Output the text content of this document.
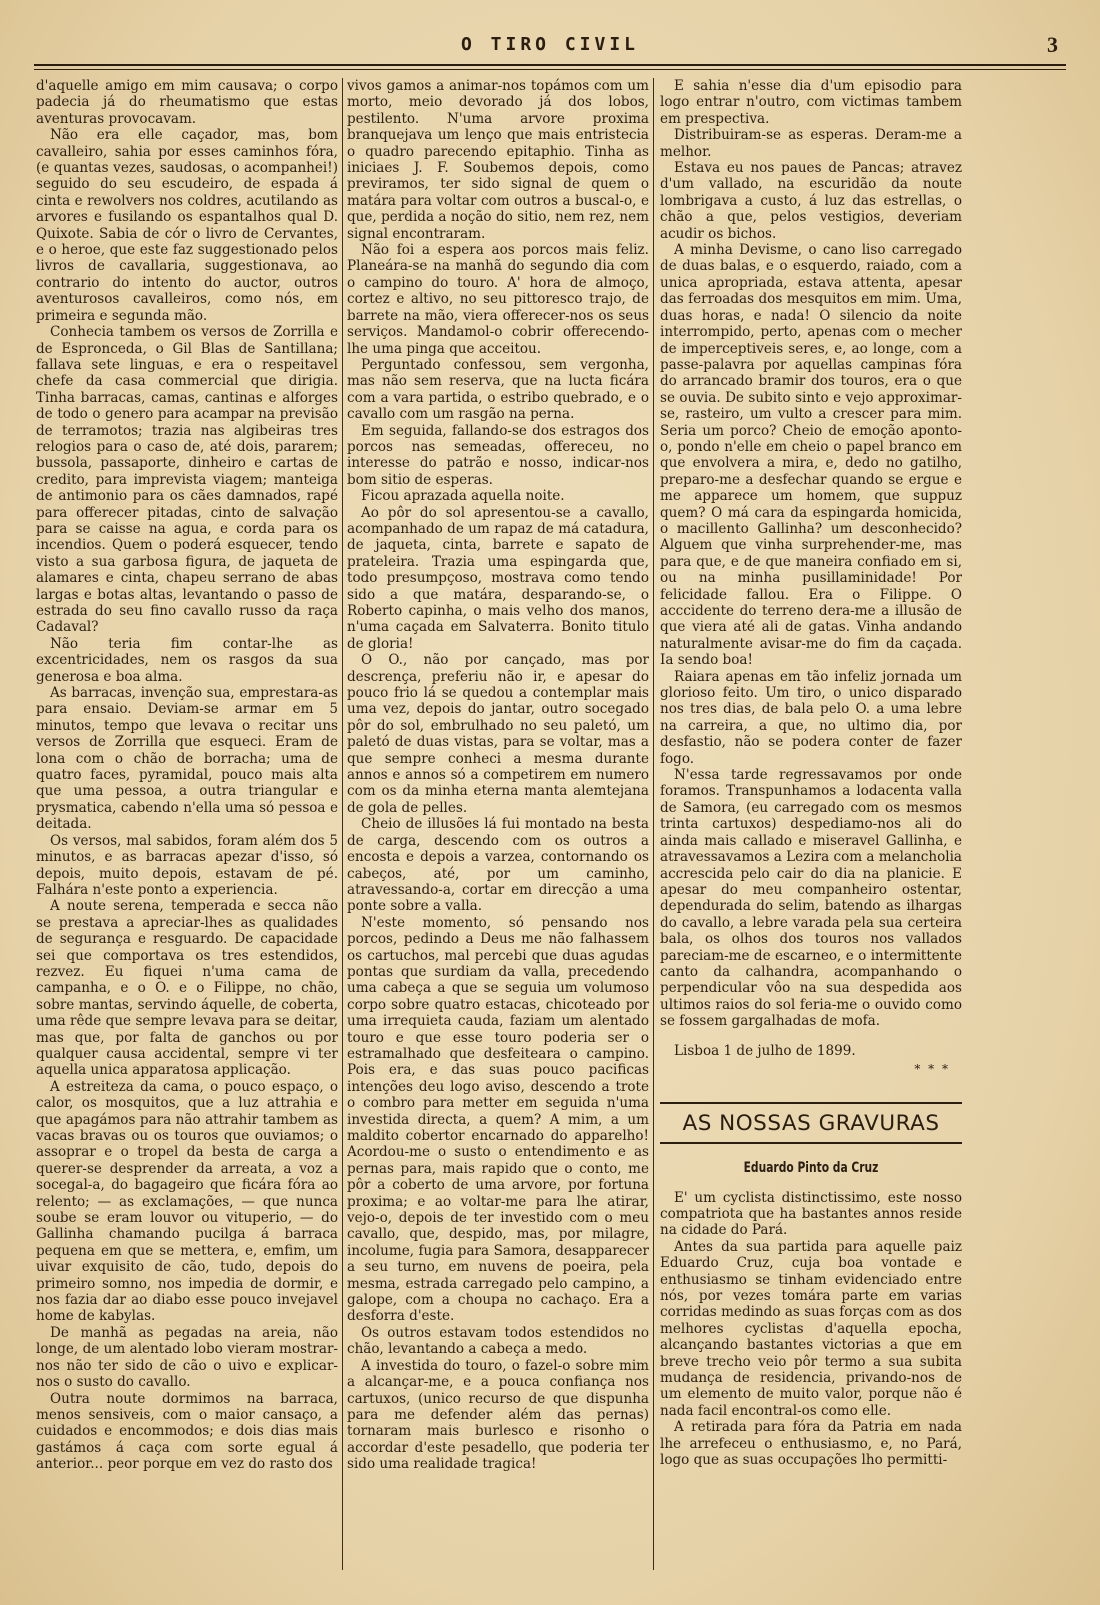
O TIRO CIVIL	3

d'aquelle amigo em mim causava; o corpo padecia já do rheumatismo que estas aventuras provocavam.

Não era elle caçador, mas, bom cavalleiro, sahia por esses caminhos fóra, (e quantas vezes, saudosas, o acompanhei!) seguido do seu escudeiro, de espada á cinta e rewolvers nos coldres, acutilando as arvores e fusilando os espantalhos qual D. Quixote. Sabia de cór o livro de Cervantes, e o heroe, que este faz suggestionado pelos livros de cavallaria, suggestionava, ao contrario do intento do auctor, outros aventurosos cavalleiros, como nós, em primeira e segunda mão.

Conhecia tambem os versos de Zorrilla e de Espronceda, o Gil Blas de Santillana; fallava sete linguas, e era o respeitavel chefe da casa commercial que dirigia. Tinha barracas, camas, cantinas e alforges de todo o genero para acampar na previsão de terramotos; trazia nas algibeiras tres relogios para o caso de, até dois, pararem; bussola, passaporte, dinheiro e cartas de credito, para imprevista viagem; manteiga de antimonio para os cães damnados, rapé para offerecer pitadas, cinto de salvação para se caisse na agua, e corda para os incendios. Quem o poderá esquecer, tendo visto a sua garbosa figura, de jaqueta de alamares e cinta, chapeu serrano de abas largas e botas altas, levantando o passo de estrada do seu fino cavallo russo da raça Cadaval?

Não teria fim contar-lhe as excentricidades, nem os rasgos da sua generosa e boa alma.

As barracas, invenção sua, emprestara-as para ensaio. Deviam-se armar em 5 minutos, tempo que levava o recitar uns versos de Zorrilla que esqueci. Eram de lona com o chão de borracha; uma de quatro faces, pyramidal, pouco mais alta que uma pessoa, a outra triangular e prysmatica, cabendo n'ella uma só pessoa e deitada.

Os versos, mal sabidos, foram além dos 5 minutos, e as barracas apezar d'isso, só depois, muito depois, estavam de pé. Falhára n'este ponto a experiencia.

A noute serena, temperada e secca não se prestava a apreciar-lhes as qualidades de segurança e resguardo. De capacidade sei que comportava os tres estendidos, rezvez. Eu fiquei n'uma cama de campanha, e o O. e o Filippe, no chão, sobre mantas, servindo áquelle, de coberta, uma rêde que sempre levava para se deitar, mas que, por falta de ganchos ou por qualquer causa accidental, sempre vi ter aquella unica apparatosa applicação.

A estreiteza da cama, o pouco espaço, o calor, os mosquitos, que a luz attrahia e que apagámos para não attrahir tambem as vacas bravas ou os touros que ouviamos; o assoprar e o tropel da besta de carga a querer-se desprender da arreata, a voz a socegal-a, do bagageiro que ficára fóra ao relento; — as exclamações, — que nunca soube se eram louvor ou vituperio, — do Gallinha chamando pucilga á barraca pequena em que se mettera, e, emfim, um uivar exquisito de cão, tudo, depois do primeiro somno, nos impedia de dormir, e nos fazia dar ao diabo esse pouco invejavel home de kabylas.

De manhã as pegadas na areia, não longe, de um alentado lobo vieram mostrar-nos não ter sido de cão o uivo e explicar-nos o susto do cavallo.

Outra noute dormimos na barraca, menos sensiveis, com o maior cansaço, a cuidados e encommodos; e dois dias mais gastámos á caça com sorte egual á anterior... peor porque em vez do rasto dos

vivos gamos a animar-nos topámos com um morto, meio devorado já dos lobos, pestilento. N'uma arvore proxima branquejava um lenço que mais entristecia o quadro parecendo epitaphio. Tinha as iniciaes J. F. Soubemos depois, como previramos, ter sido signal de quem o matára para voltar com outros a buscal-o, e que, perdida a noção do sitio, nem rez, nem signal encontraram.

Não foi a espera aos porcos mais feliz. Planeára-se na manhã do segundo dia com o campino do touro. A' hora de almoço, cortez e altivo, no seu pittoresco trajo, de barrete na mão, viera offerecer-nos os seus serviços. Mandamol-o cobrir offerecendo-lhe uma pinga que acceitou.

Perguntado confessou, sem vergonha, mas não sem reserva, que na lucta ficára com a vara partida, o estribo quebrado, e o cavallo com um rasgão na perna.

Em seguida, fallando-se dos estragos dos porcos nas semeadas, offereceu, no interesse do patrão e nosso, indicar-nos bom sitio de esperas.

Ficou aprazada aquella noite.

Ao pôr do sol apresentou-se a cavallo, acompanhado de um rapaz de má catadura, de jaqueta, cinta, barrete e sapato de prateleira. Trazia uma espingarda que, todo presumpçoso, mostrava como tendo sido a que matára, desparando-se, o Roberto capinha, o mais velho dos manos, n'uma caçada em Salvaterra. Bonito titulo de gloria!

O O., não por cançado, mas por descrença, preferiu não ir, e apesar do pouco frio lá se quedou a contemplar mais uma vez, depois do jantar, outro socegado pôr do sol, embrulhado no seu paletó, um paletó de duas vistas, para se voltar, mas a que sempre conheci a mesma durante annos e annos só a competirem em numero com os da minha eterna manta alemtejana de gola de pelles.

Cheio de illusões lá fui montado na besta de carga, descendo com os outros a encosta e depois a varzea, contornando os cabeços, até, por um caminho, atravessando-a, cortar em direcção a uma ponte sobre a valla.

N'este momento, só pensando nos porcos, pedindo a Deus me não falhassem os cartuchos, mal percebi que duas agudas pontas que surdiam da valla, precedendo uma cabeça a que se seguia um volumoso corpo sobre quatro estacas, chicoteado por uma irrequieta cauda, faziam um alentado touro e que esse touro poderia ser o estramalhado que desfeiteara o campino. Pois era, e das suas pouco pacificas intenções deu logo aviso, descendo a trote o combro para metter em seguida n'uma investida directa, a quem? A mim, a um maldito cobertor encarnado do apparelho! Acordou-me o susto o entendimento e as pernas para, mais rapido que o conto, me pôr a coberto de uma arvore, por fortuna proxima; e ao voltar-me para lhe atirar, vejo-o, depois de ter investido com o meu cavallo, que, despido, mas, por milagre, incolume, fugia para Samora, desapparecer a seu turno, em nuvens de poeira, pela mesma, estrada carregado pelo campino, a galope, com a choupa no cachaço. Era a desforra d'este.

Os outros estavam todos estendidos no chão, levantando a cabeça a medo.

A investida do touro, o fazel-o sobre mim a alcançar-me, e a pouca confiança nos cartuxos, (unico recurso de que dispunha para me defender além das pernas) tornaram mais burlesco e risonho o accordar d'este pesadello, que poderia ter sido uma realidade tragica!

E sahia n'esse dia d'um episodio para logo entrar n'outro, com victimas tambem em prespectiva.

Distribuiram-se as esperas. Deram-me a melhor.

Estava eu nos paues de Pancas; atravez d'um vallado, na escuridão da noute lombrigava a custo, á luz das estrellas, o chão a que, pelos vestigios, deveriam acudir os bichos.

A minha Devisme, o cano liso carregado de duas balas, e o esquerdo, raiado, com a unica apropriada, estava attenta, apesar das ferroadas dos mesquitos em mim. Uma, duas horas, e nada! O silencio da noite interrompido, perto, apenas com o mecher de imperceptiveis seres, e, ao longe, com a passe-palavra por aquellas campinas fóra do arrancado bramir dos touros, era o que se ouvia. De subito sinto e vejo approximar-se, rasteiro, um vulto a crescer para mim. Seria um porco? Cheio de emoção aponto-o, pondo n'elle em cheio o papel branco em que envolvera a mira, e, dedo no gatilho, preparo-me a desfechar quando se ergue e me apparece um homem, que suppuz quem? O má cara da espingarda homicida, o macillento Gallinha? um desconhecido? Alguem que vinha surprehender-me, mas para que, e de que maneira confiado em si, ou na minha pusillaminidade! Por felicidade fallou. Era o Filippe. O acccidente do terreno dera-me a illusão de que viera até ali de gatas. Vinha andando naturalmente avisar-me do fim da caçada. Ia sendo boa!

Raiara apenas em tão infeliz jornada um glorioso feito. Um tiro, o unico disparado nos tres dias, de bala pelo O. a uma lebre na carreira, a que, no ultimo dia, por desfastio, não se podera conter de fazer fogo.

N'essa tarde regressavamos por onde foramos. Transpunhamos a lodacenta valla de Samora, (eu carregado com os mesmos trinta cartuxos) despediamo-nos ali do ainda mais callado e miseravel Gallinha, e atravessavamos a Lezira com a melancholia accrescida pelo cair do dia na planicie. E apesar do meu companheiro ostentar, dependurada do selim, batendo as ilhargas do cavallo, a lebre varada pela sua certeira bala, os olhos dos touros nos vallados pareciam-me de escarneo, e o intermittente canto da calhandra, acompanhando o perpendicular vôo na sua despedida aos ultimos raios do sol feria-me o ouvido como se fossem gargalhadas de mofa.

Lisboa 1 de julho de 1899.
* * *
AS NOSSAS GRAVURAS
Eduardo Pinto da Cruz

E' um cyclista distinctissimo, este nosso compatriota que ha bastantes annos reside na cidade do Pará.

Antes da sua partida para aquelle paiz Eduardo Cruz, cuja boa vontade e enthusiasmo se tinham evidenciado entre nós, por vezes tomára parte em varias corridas medindo as suas forças com as dos melhores cyclistas d'aquella epocha, alcançando bastantes victorias a que em breve trecho veio pôr termo a sua subita mudança de residencia, privando-nos de um elemento de muito valor, porque não é nada facil encontral-os como elle.

A retirada para fóra da Patria em nada lhe arrefeceu o enthusiasmo, e, no Pará, logo que as suas occupações lho permitti-
